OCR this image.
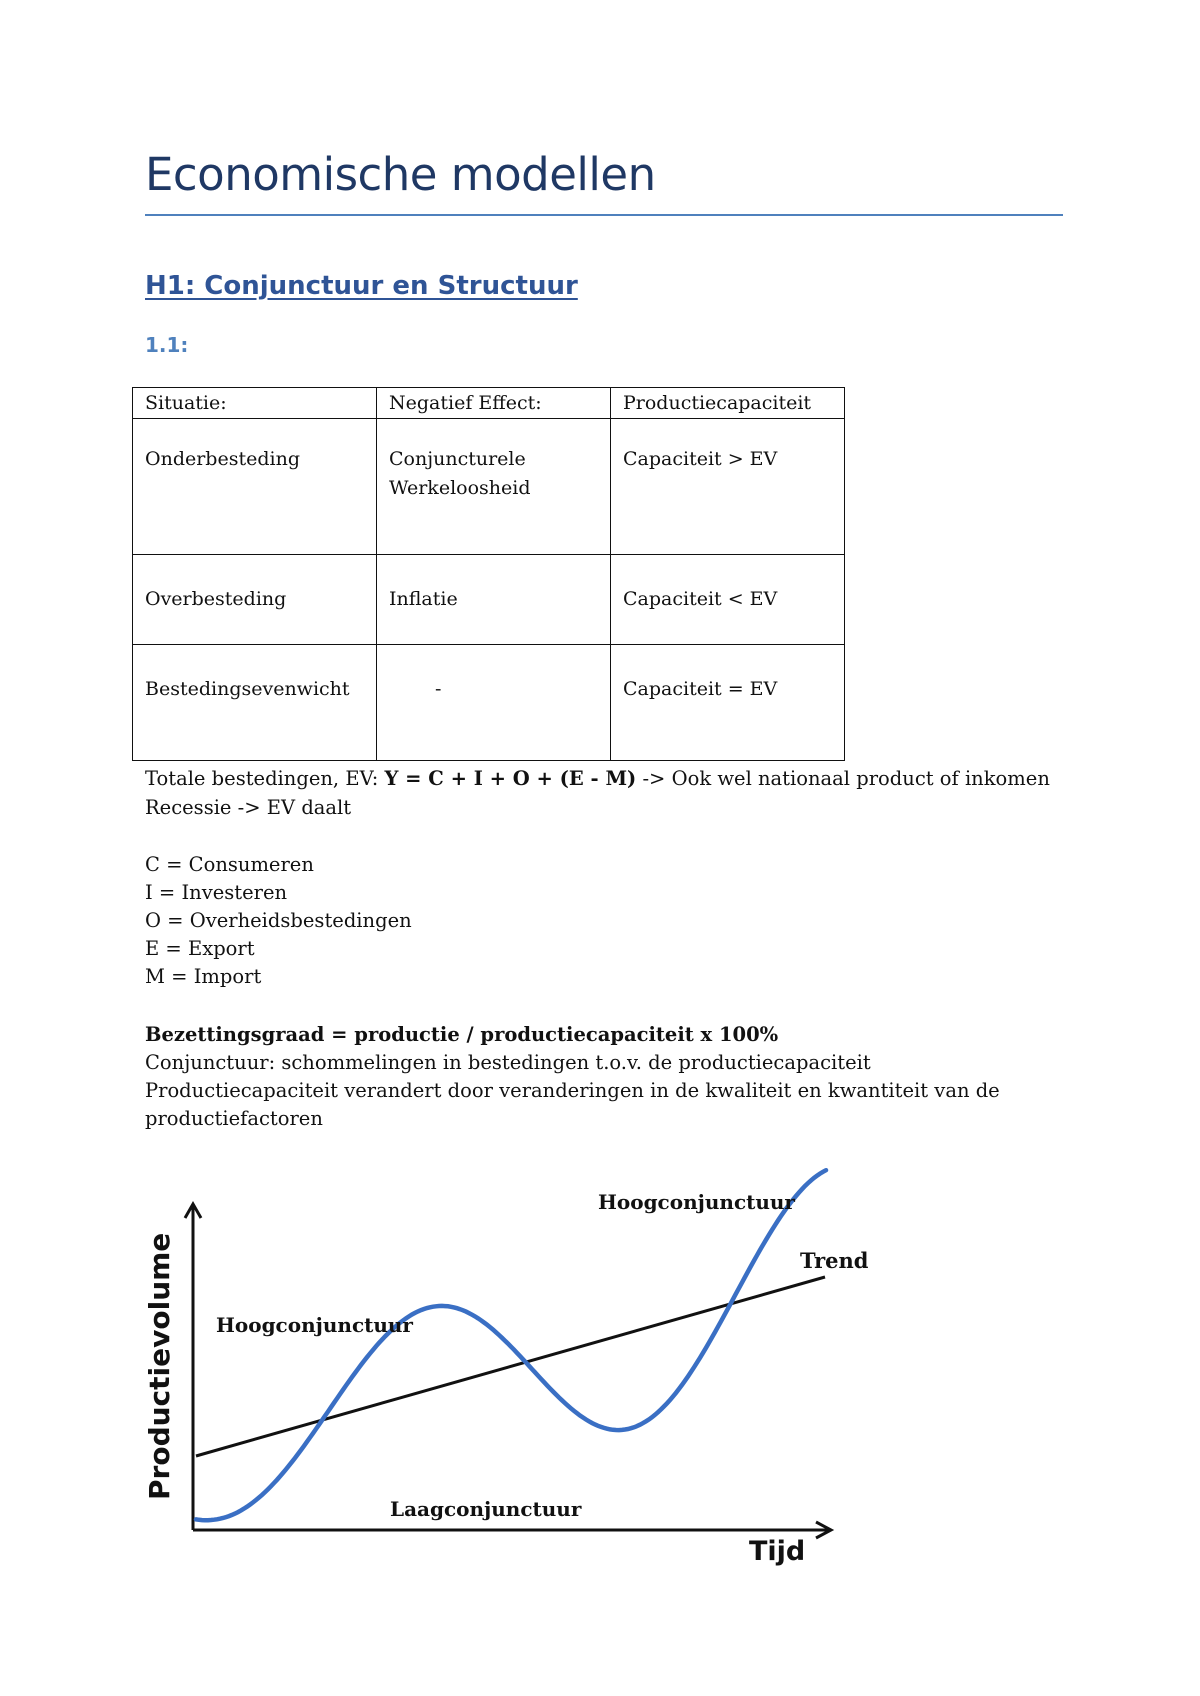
Economische modellen
H1: Conjunctuur en Structuur
1.1:
Situatie:	Negatief Effect:	Productiecapaciteit
Onderbesteding	Conjuncturele Werkeloosheid	Capaciteit > EV
Overbesteding	Inflatie	Capaciteit < EV
Bestedingsevenwicht	-	Capaciteit = EV

Totale bestedingen, EV: Y = C + I + O + (E - M) -> Ook wel nationaal product of inkomen

Recessie -> EV daalt

C = Consumeren

I = Investeren

O = Overheidsbestedingen

E = Export

M = Import

Bezettingsgraad = productie / productiecapaciteit x 100%

Conjunctuur: schommelingen in bestedingen t.o.v. de productiecapaciteit

Productiecapaciteit verandert door veranderingen in de kwaliteit en kwantiteit van de

productiefactoren

Productievolume
Tijd
Hoogconjunctuur
Laagconjunctuur
Hoogconjunctuur
Trend
